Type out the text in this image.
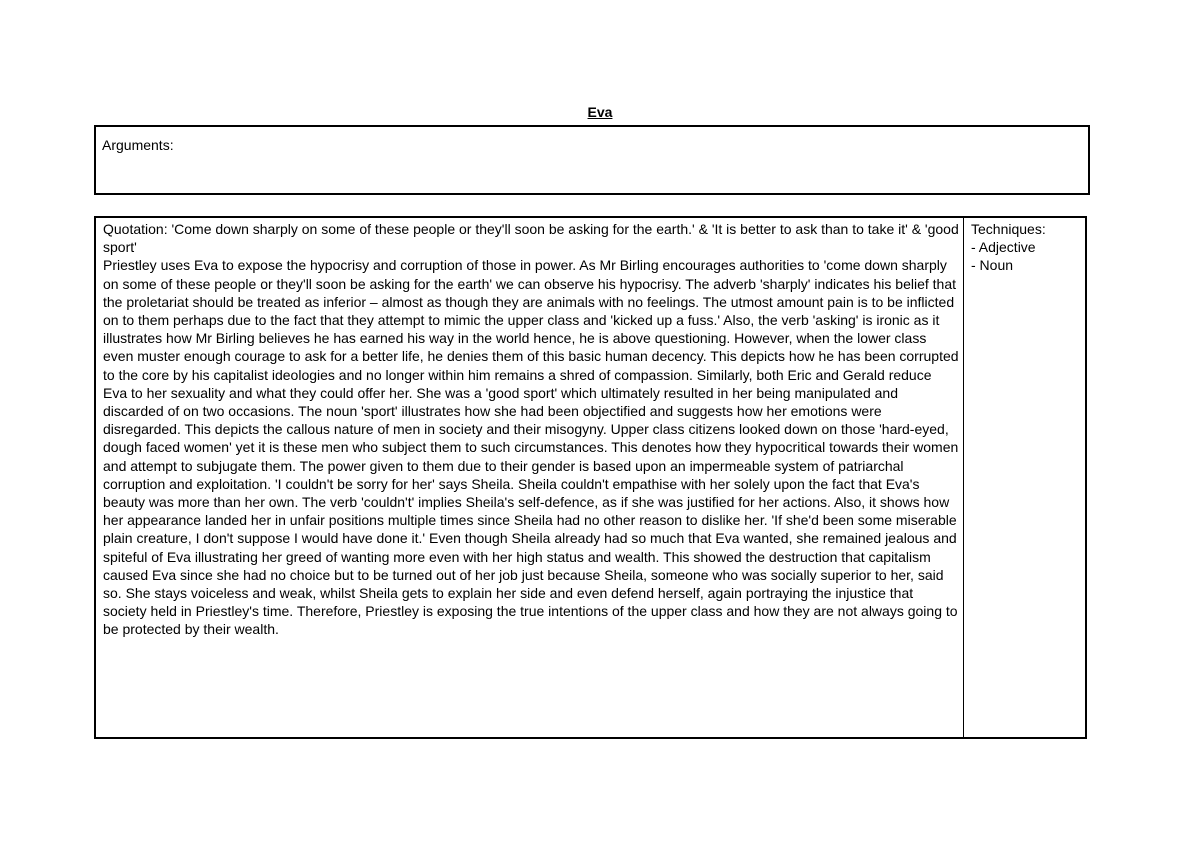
Eva
Arguments:
Quotation: 'Come down sharply on some of these people or they'll soon be asking for the earth.' & 'It is better to ask than to take it' & 'good sport'
Priestley uses Eva to expose the hypocrisy and corruption of those in power. As Mr Birling encourages authorities to 'come down sharply on some of these people or they'll soon be asking for the earth' we can observe his hypocrisy. The adverb 'sharply' indicates his belief that the proletariat should be treated as inferior – almost as though they are animals with no feelings. The utmost amount pain is to be inflicted on to them perhaps due to the fact that they attempt to mimic the upper class and 'kicked up a fuss.' Also, the verb 'asking' is ironic as it illustrates how Mr Birling believes he has earned his way in the world hence, he is above questioning. However, when the lower class even muster enough courage to ask for a better life, he denies them of this basic human decency. This depicts how he has been corrupted to the core by his capitalist ideologies and no longer within him remains a shred of compassion. Similarly, both Eric and Gerald reduce Eva to her sexuality and what they could offer her. She was a 'good sport' which ultimately resulted in her being manipulated and discarded of on two occasions. The noun 'sport' illustrates how she had been objectified and suggests how her emotions were disregarded. This depicts the callous nature of men in society and their misogyny. Upper class citizens looked down on those 'hard-eyed, dough faced women' yet it is these men who subject them to such circumstances. This denotes how they hypocritical towards their women and attempt to subjugate them. The power given to them due to their gender is based upon an impermeable system of patriarchal corruption and exploitation. 'I couldn't be sorry for her' says Sheila. Sheila couldn't empathise with her solely upon the fact that Eva's beauty was more than her own. The verb 'couldn't' implies Sheila's self-defence, as if she was justified for her actions. Also, it shows how her appearance landed her in unfair positions multiple times since Sheila had no other reason to dislike her. 'If she'd been some miserable plain creature, I don't suppose I would have done it.' Even though Sheila already had so much that Eva wanted, she remained jealous and spiteful of Eva illustrating her greed of wanting more even with her high status and wealth. This showed the destruction that capitalism caused Eva since she had no choice but to be turned out of her job just because Sheila, someone who was socially superior to her, said so. She stays voiceless and weak, whilst Sheila gets to explain her side and even defend herself, again portraying the injustice that society held in Priestley's time. Therefore, Priestley is exposing the true intentions of the upper class and how they are not always going to be protected by their wealth.
Techniques:
- Adjective
- Noun
